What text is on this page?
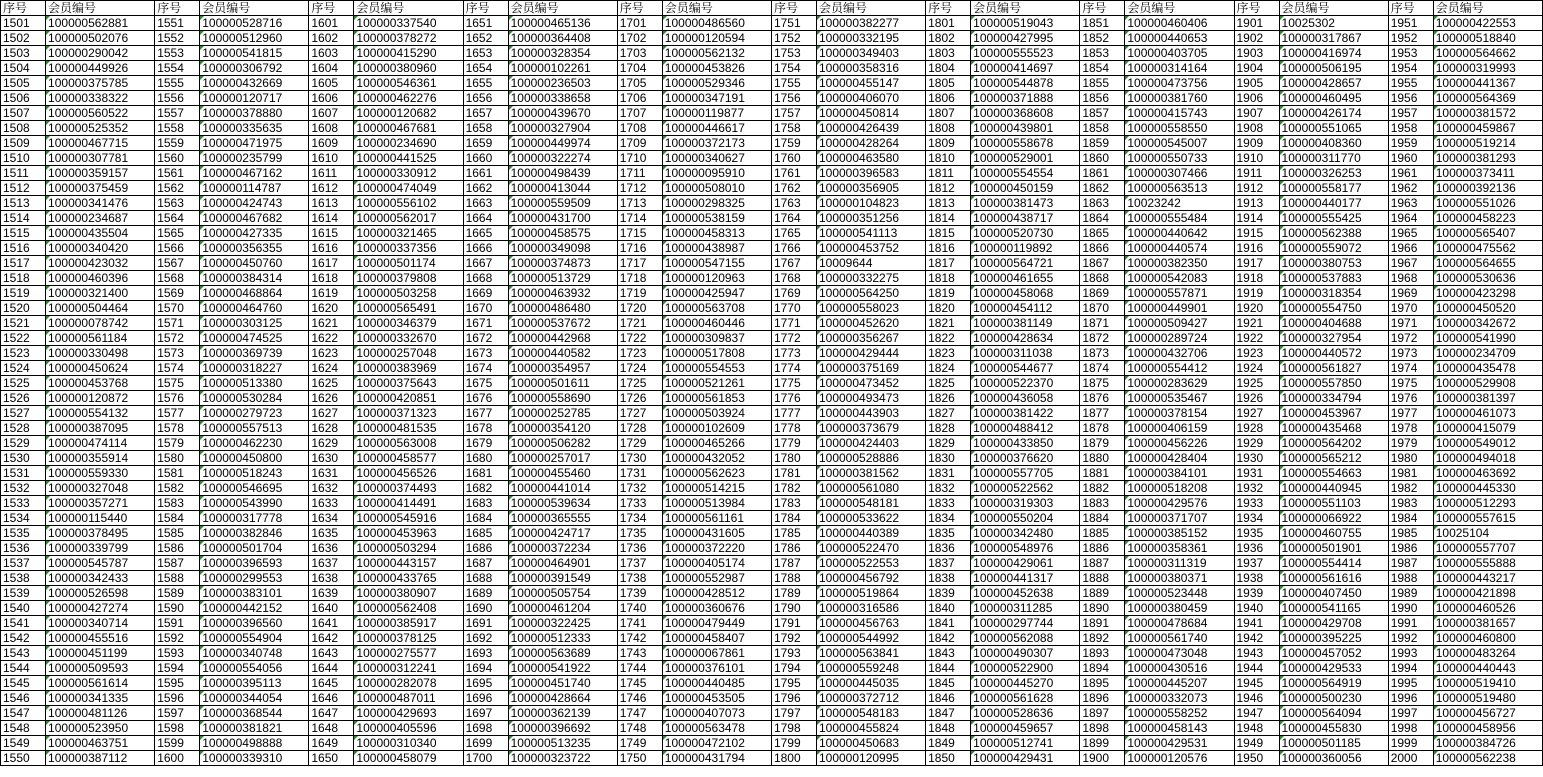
序号	会员编号	序号	会员编号	序号	会员编号	序号	会员编号	序号	会员编号	序号	会员编号	序号	会员编号	序号	会员编号	序号	会员编号	序号	会员编号
1501	100000562881	1551	100000528716	1601	100000337540	1651	100000465136	1701	100000486560	1751	100000382277	1801	100000519043	1851	100000460406	1901	10025302	1951	100000422553
1502	100000502076	1552	100000512960	1602	100000378272	1652	100000364408	1702	100000120594	1752	100000332195	1802	100000427995	1852	100000440653	1902	100000317867	1952	100000518840
1503	100000290042	1553	100000541815	1603	100000415290	1653	100000328354	1703	100000562132	1753	100000349403	1803	100000555523	1853	100000403705	1903	100000416974	1953	100000564662
1504	100000449926	1554	100000306792	1604	100000380960	1654	100000102261	1704	100000453826	1754	100000358316	1804	100000414697	1854	100000314164	1904	100000506195	1954	100000319993
1505	100000375785	1555	100000432669	1605	100000546361	1655	100000236503	1705	100000529346	1755	100000455147	1805	100000544878	1855	100000473756	1905	100000428657	1955	100000441367
1506	100000338322	1556	100000120717	1606	100000462276	1656	100000338658	1706	100000347191	1756	100000406070	1806	100000371888	1856	100000381760	1906	100000460495	1956	100000564369
1507	100000560522	1557	100000378880	1607	100000120682	1657	100000439670	1707	100000119877	1757	100000450814	1807	100000368608	1857	100000415743	1907	100000426174	1957	100000381572
1508	100000525352	1558	100000335635	1608	100000467681	1658	100000327904	1708	100000446617	1758	100000426439	1808	100000439801	1858	100000558550	1908	100000551065	1958	100000459867
1509	100000467715	1559	100000471975	1609	100000234690	1659	100000449974	1709	100000372173	1759	100000428264	1809	100000558678	1859	100000545007	1909	100000408360	1959	100000519214
1510	100000307781	1560	100000235799	1610	100000441525	1660	100000322274	1710	100000340627	1760	100000463580	1810	100000529001	1860	100000550733	1910	100000311770	1960	100000381293
1511	100000359157	1561	100000467162	1611	100000330912	1661	100000498439	1711	100000095910	1761	100000396583	1811	100000554554	1861	100000307466	1911	100000326253	1961	100000373411
1512	100000375459	1562	100000114787	1612	100000474049	1662	100000413044	1712	100000508010	1762	100000356905	1812	100000450159	1862	100000563513	1912	100000558177	1962	100000392136
1513	100000341476	1563	100000424743	1613	100000556102	1663	100000559509	1713	100000298325	1763	100000104823	1813	100000381473	1863	10023242	1913	100000440177	1963	100000551026
1514	100000234687	1564	100000467682	1614	100000562017	1664	100000431700	1714	100000538159	1764	100000351256	1814	100000438717	1864	100000555484	1914	100000555425	1964	100000458223
1515	100000435504	1565	100000427335	1615	100000321465	1665	100000458575	1715	100000458313	1765	100000541113	1815	100000520730	1865	100000440642	1915	100000562388	1965	100000565407
1516	100000340420	1566	100000356355	1616	100000337356	1666	100000349098	1716	100000438987	1766	100000453752	1816	100000119892	1866	100000440574	1916	100000559072	1966	100000475562
1517	100000423032	1567	100000450760	1617	100000501174	1667	100000374873	1717	100000547155	1767	10009644	1817	100000564721	1867	100000382350	1917	100000380753	1967	100000564655
1518	100000460396	1568	100000384314	1618	100000379808	1668	100000513729	1718	100000120963	1768	100000332275	1818	100000461655	1868	100000542083	1918	100000537883	1968	100000530636
1519	100000321400	1569	100000468864	1619	100000503258	1669	100000463932	1719	100000425947	1769	100000564250	1819	100000458068	1869	100000557871	1919	100000318354	1969	100000423298
1520	100000504464	1570	100000464760	1620	100000565491	1670	100000486480	1720	100000563708	1770	100000558023	1820	100000454112	1870	100000449901	1920	100000554750	1970	100000450520
1521	100000078742	1571	100000303125	1621	100000346379	1671	100000537672	1721	100000460446	1771	100000452620	1821	100000381149	1871	100000509427	1921	100000404688	1971	100000342672
1522	100000561184	1572	100000474525	1622	100000332670	1672	100000442968	1722	100000309837	1772	100000356267	1822	100000428634	1872	100000289724	1922	100000327954	1972	100000541990
1523	100000330498	1573	100000369739	1623	100000257048	1673	100000440582	1723	100000517808	1773	100000429444	1823	100000311038	1873	100000432706	1923	100000440572	1973	100000234709
1524	100000450624	1574	100000318227	1624	100000383969	1674	100000354957	1724	100000554553	1774	100000375169	1824	100000544677	1874	100000554412	1924	100000561827	1974	100000435478
1525	100000453768	1575	100000513380	1625	100000375643	1675	100000501611	1725	100000521261	1775	100000473452	1825	100000522370	1875	100000283629	1925	100000557850	1975	100000529908
1526	100000120872	1576	100000530284	1626	100000420851	1676	100000558690	1726	100000561853	1776	100000493473	1826	100000436058	1876	100000535467	1926	100000334794	1976	100000381397
1527	100000554132	1577	100000279723	1627	100000371323	1677	100000252785	1727	100000503924	1777	100000443903	1827	100000381422	1877	100000378154	1927	100000453967	1977	100000461073
1528	100000387095	1578	100000557513	1628	100000481535	1678	100000354120	1728	100000102609	1778	100000373679	1828	100000488412	1878	100000406159	1928	100000435468	1978	100000415079
1529	100000474114	1579	100000462230	1629	100000563008	1679	100000506282	1729	100000465266	1779	100000424403	1829	100000433850	1879	100000456226	1929	100000564202	1979	100000549012
1530	100000355914	1580	100000450800	1630	100000458577	1680	100000257017	1730	100000432052	1780	100000528886	1830	100000376620	1880	100000428404	1930	100000565212	1980	100000494018
1531	100000559330	1581	100000518243	1631	100000456526	1681	100000455460	1731	100000562623	1781	100000381562	1831	100000557705	1881	100000384101	1931	100000554663	1981	100000463692
1532	100000327048	1582	100000546695	1632	100000374493	1682	100000441014	1732	100000514215	1782	100000561080	1832	100000522562	1882	100000518208	1932	100000440945	1982	100000445330
1533	100000357271	1583	100000543990	1633	100000414491	1683	100000539634	1733	100000513984	1783	100000548181	1833	100000319303	1883	100000429576	1933	100000551103	1983	100000512293
1534	100000115440	1584	100000317778	1634	100000545916	1684	100000365555	1734	100000561161	1784	100000533622	1834	100000550204	1884	100000371707	1934	100000066922	1984	100000557615
1535	100000378495	1585	100000382846	1635	100000453963	1685	100000424717	1735	100000431605	1785	100000440389	1835	100000342480	1885	100000385152	1935	100000460755	1985	10025104
1536	100000339799	1586	100000501704	1636	100000503294	1686	100000372234	1736	100000372220	1786	100000522470	1836	100000548976	1886	100000358361	1936	100000501901	1986	100000557707
1537	100000545787	1587	100000396593	1637	100000443157	1687	100000464901	1737	100000405174	1787	100000522553	1837	100000429061	1887	100000311319	1937	100000554414	1987	100000555888
1538	100000342433	1588	100000299553	1638	100000433765	1688	100000391549	1738	100000552987	1788	100000456792	1838	100000441317	1888	100000380371	1938	100000561616	1988	100000443217
1539	100000526598	1589	100000383101	1639	100000380907	1689	100000505754	1739	100000428512	1789	100000519864	1839	100000452638	1889	100000523448	1939	100000407450	1989	100000421898
1540	100000427274	1590	100000442152	1640	100000562408	1690	100000461204	1740	100000360676	1790	100000316586	1840	100000311285	1890	100000380459	1940	100000541165	1990	100000460526
1541	100000340714	1591	100000396560	1641	100000385917	1691	100000322425	1741	100000479449	1791	100000456763	1841	100000297744	1891	100000478684	1941	100000429708	1991	100000381657
1542	100000455516	1592	100000554904	1642	100000378125	1692	100000512333	1742	100000458407	1792	100000544992	1842	100000562088	1892	100000561740	1942	100000395225	1992	100000460800
1543	100000451199	1593	100000340748	1643	100000275577	1693	100000563689	1743	100000067861	1793	100000563841	1843	100000490307	1893	100000473048	1943	100000457052	1993	100000483264
1544	100000509593	1594	100000554056	1644	100000312241	1694	100000541922	1744	100000376101	1794	100000559248	1844	100000522900	1894	100000430516	1944	100000429533	1994	100000440443
1545	100000561614	1595	100000395113	1645	100000282078	1695	100000451740	1745	100000440485	1795	100000445035	1845	100000445270	1895	100000445207	1945	100000564919	1995	100000519410
1546	100000341335	1596	100000344054	1646	100000487011	1696	100000428664	1746	100000453505	1796	100000372712	1846	100000561628	1896	100000332073	1946	100000500230	1996	100000519480
1547	100000481126	1597	100000368544	1647	100000429693	1697	100000362139	1747	100000407073	1797	100000548183	1847	100000528636	1897	100000558252	1947	100000564094	1997	100000456727
1548	100000523950	1598	100000381821	1648	100000405596	1698	100000396692	1748	100000563478	1798	100000455824	1848	100000459657	1898	100000458143	1948	100000455830	1998	100000458956
1549	100000463751	1599	100000498888	1649	100000310340	1699	100000513235	1749	100000472102	1799	100000450683	1849	100000512741	1899	100000429531	1949	100000501185	1999	100000384726
1550	100000387112	1600	100000339310	1650	100000458079	1700	100000323722	1750	100000431794	1800	100000120995	1850	100000429431	1900	100000120576	1950	100000360056	2000	100000562238
